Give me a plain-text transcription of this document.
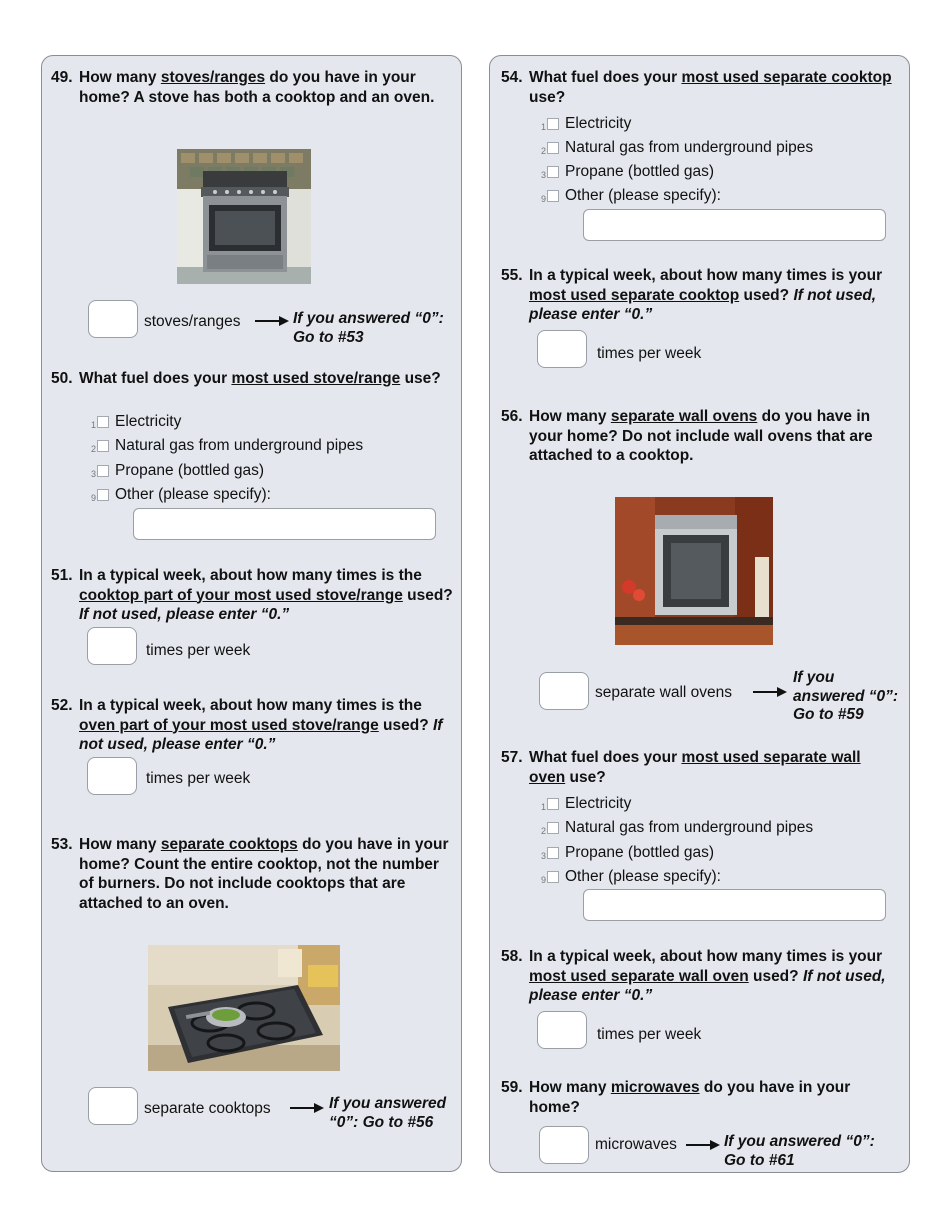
49. How many stoves/ranges do you have in your home? A stove has both a cooktop and an oven.
stoves/ranges	If you answered “0”:
Go to #53
50. What fuel does your most used stove/range use?
1 Electricity
2 Natural gas from underground pipes
3 Propane (bottled gas)
9 Other (please specify):
51. In a typical week, about how many times is the cooktop part of your most used stove/range used? If not used, please enter “0.”
times per week
52. In a typical week, about how many times is the oven part of your most used stove/range used? If not used, please enter “0.”
times per week
53. How many separate cooktops do you have in your home? Count the entire cooktop, not the number of burners. Do not include cooktops that are attached to an oven.
separate cooktops	If you answered
“0”: Go to #56
54. What fuel does your most used separate cooktop use?
1 Electricity
2 Natural gas from underground pipes
3 Propane (bottled gas)
9 Other (please specify):
55. In a typical week, about how many times is your most used separate cooktop used? If not used, please enter “0.”
times per week
56. How many separate wall ovens do you have in your home? Do not include wall ovens that are attached to a cooktop.
separate wall ovens
If you
answered “0”:
Go to #59
57. What fuel does your most used separate wall oven use?
1 Electricity
2 Natural gas from underground pipes
3 Propane (bottled gas)
9 Other (please specify):
58. In a typical week, about how many times is your most used separate wall oven used? If not used, please enter “0.”
times per week
59. How many microwaves do you have in your home?
microwaves	If you answered “0”:
Go to #61
